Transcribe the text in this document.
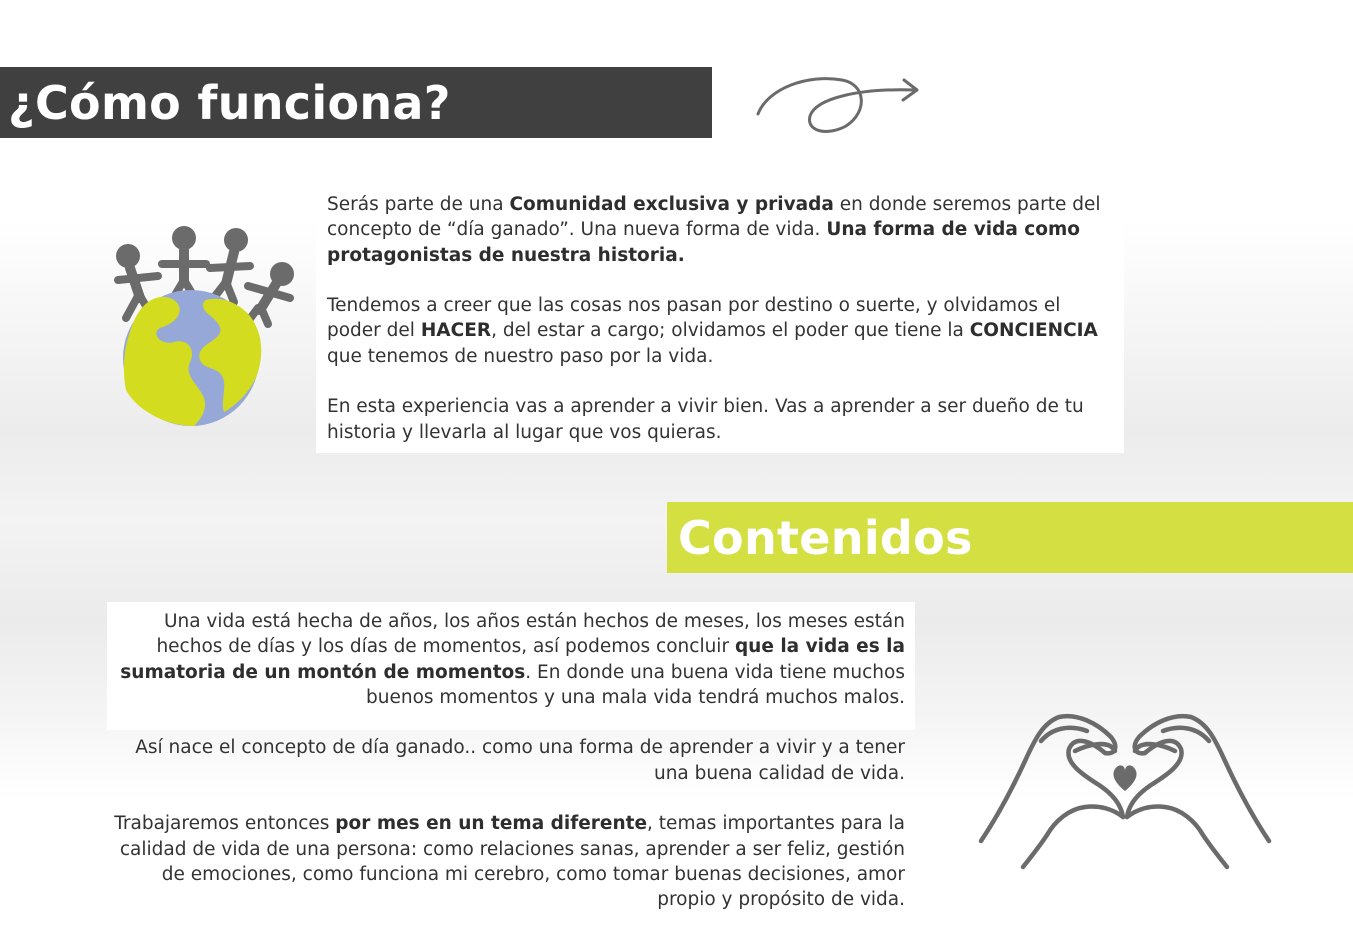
¿Cómo funciona?

Serás parte de una Comunidad exclusiva y privada en donde seremos parte del concepto de “día ganado”. Una nueva forma de vida. Una forma de vida como protagonistas de nuestra historia.

Tendemos a creer que las cosas nos pasan por destino o suerte, y olvidamos el poder del HACER, del estar a cargo; olvidamos el poder que tiene la CONCIENCIA que tenemos de nuestro paso por la vida.

En esta experiencia vas a aprender a vivir bien. Vas a aprender a ser dueño de tu historia y llevarla al lugar que vos quieras.

Contenidos

Una vida está hecha de años, los años están hechos de meses, los meses están hechos de días y los días de momentos, así podemos concluir que la vida es la sumatoria de un montón de momentos. En donde una buena vida tiene muchos buenos momentos y una mala vida tendrá muchos malos.

Así nace el concepto de día ganado.. como una forma de aprender a vivir y a tener una buena calidad de vida.

Trabajaremos entonces por mes en un tema diferente, temas importantes para la calidad de vida de una persona: como relaciones sanas, aprender a ser feliz, gestión de emociones, como funciona mi cerebro, como tomar buenas decisiones, amor propio y propósito de vida.
